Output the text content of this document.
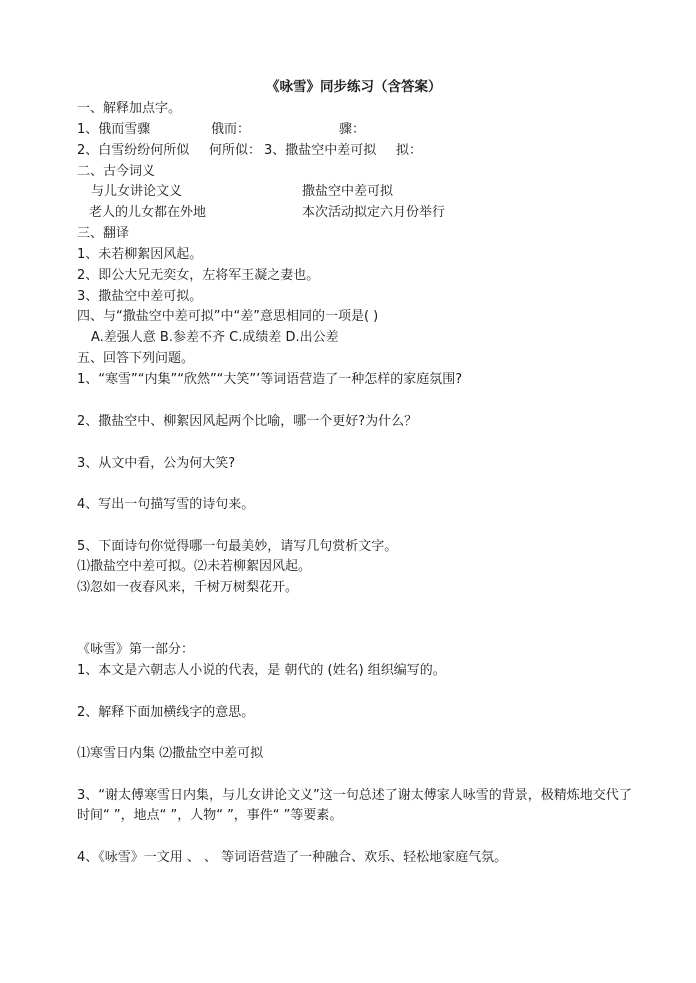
《咏雪》同步练习（含答案）
一、解释加点字。
1、俄而雪骤	俄而：	骤：
2、白雪纷纷何所似 何所似： 3、撒盐空中差可拟 拟：
二、古今词义
与儿女讲论文义	撒盐空中差可拟
老人的儿女都在外地	本次活动拟定六月份举行
三、翻译
1、未若柳絮因风起。
2、即公大兄无奕女，左将军王凝之妻也。
3、撒盐空中差可拟。
四、与“撒盐空中差可拟”中“差”意思相同的一项是( )
A.差强人意 B.参差不齐 C.成绩差 D.出公差
五、回答下列问题。
1、“寒雪”“内集”“欣然”“大笑”’等词语营造了一种怎样的家庭氛围?
2、撒盐空中、柳絮因风起两个比喻，哪一个更好?为什么？
3、从文中看，公为何大笑?
4、写出一句描写雪的诗句来。
5、下面诗句你觉得哪一句最美妙，请写几句赏析文字。
⑴撒盐空中差可拟。⑵未若柳絮因风起。
⑶忽如一夜春风来，千树万树梨花开。
《咏雪》第一部分：
1、本文是六朝志人小说的代表，是 朝代的 (姓名) 组织编写的。
2、解释下面加横线字的意思。
⑴寒雪日内集 ⑵撒盐空中差可拟
3、“谢太傅寒雪日内集，与儿女讲论文义”这一句总述了谢太傅家人咏雪的背景，极精炼地交代了
时间“ ”，地点“ ”，人物“ ”，事件“ ”等要素。
4、《咏雪》一文用 、 、 等词语营造了一种融合、欢乐、轻松地家庭气氛。
